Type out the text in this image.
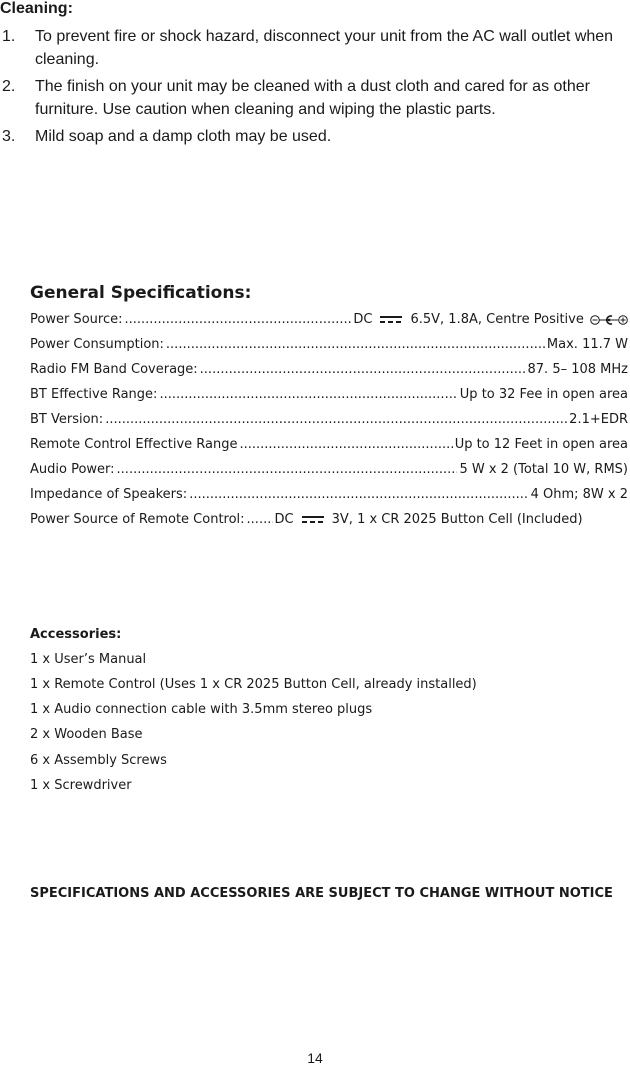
Cleaning:
1. To prevent fire or shock hazard, disconnect your unit from the AC wall outlet when cleaning.
2. The finish on your unit may be cleaned with a dust cloth and cared for as other furniture. Use caution when cleaning and wiping the plastic parts.
3. Mild soap and a damp cloth may be used.
General Specifications:
Power Source: .....	DC	6.5V, 1.8A, Centre Positive
Power Consumption: .....	Max. 11.7 W
Radio FM Band Coverage: .....	87. 5– 108 MHz
BT Effective Range: .....	Up to 32 Fee in open area
BT Version: .....	2.1+EDR
Remote Control Effective Range .....	Up to 12 Feet in open area
Audio Power: .....	5 W x 2 (Total 10 W, RMS)
Impedance of Speakers: .....	4 Ohm; 8W x 2
Power Source of Remote Control: ..... DC	3V, 1 x CR 2025 Button Cell (Included)
Accessories:
1 x User’s Manual
1 x Remote Control (Uses 1 x CR 2025 Button Cell, already installed)
1 x Audio connection cable with 3.5mm stereo plugs
2 x Wooden Base
6 x Assembly Screws
1 x Screwdriver
SPECIFICATIONS AND ACCESSORIES ARE SUBJECT TO CHANGE WITHOUT NOTICE
14
